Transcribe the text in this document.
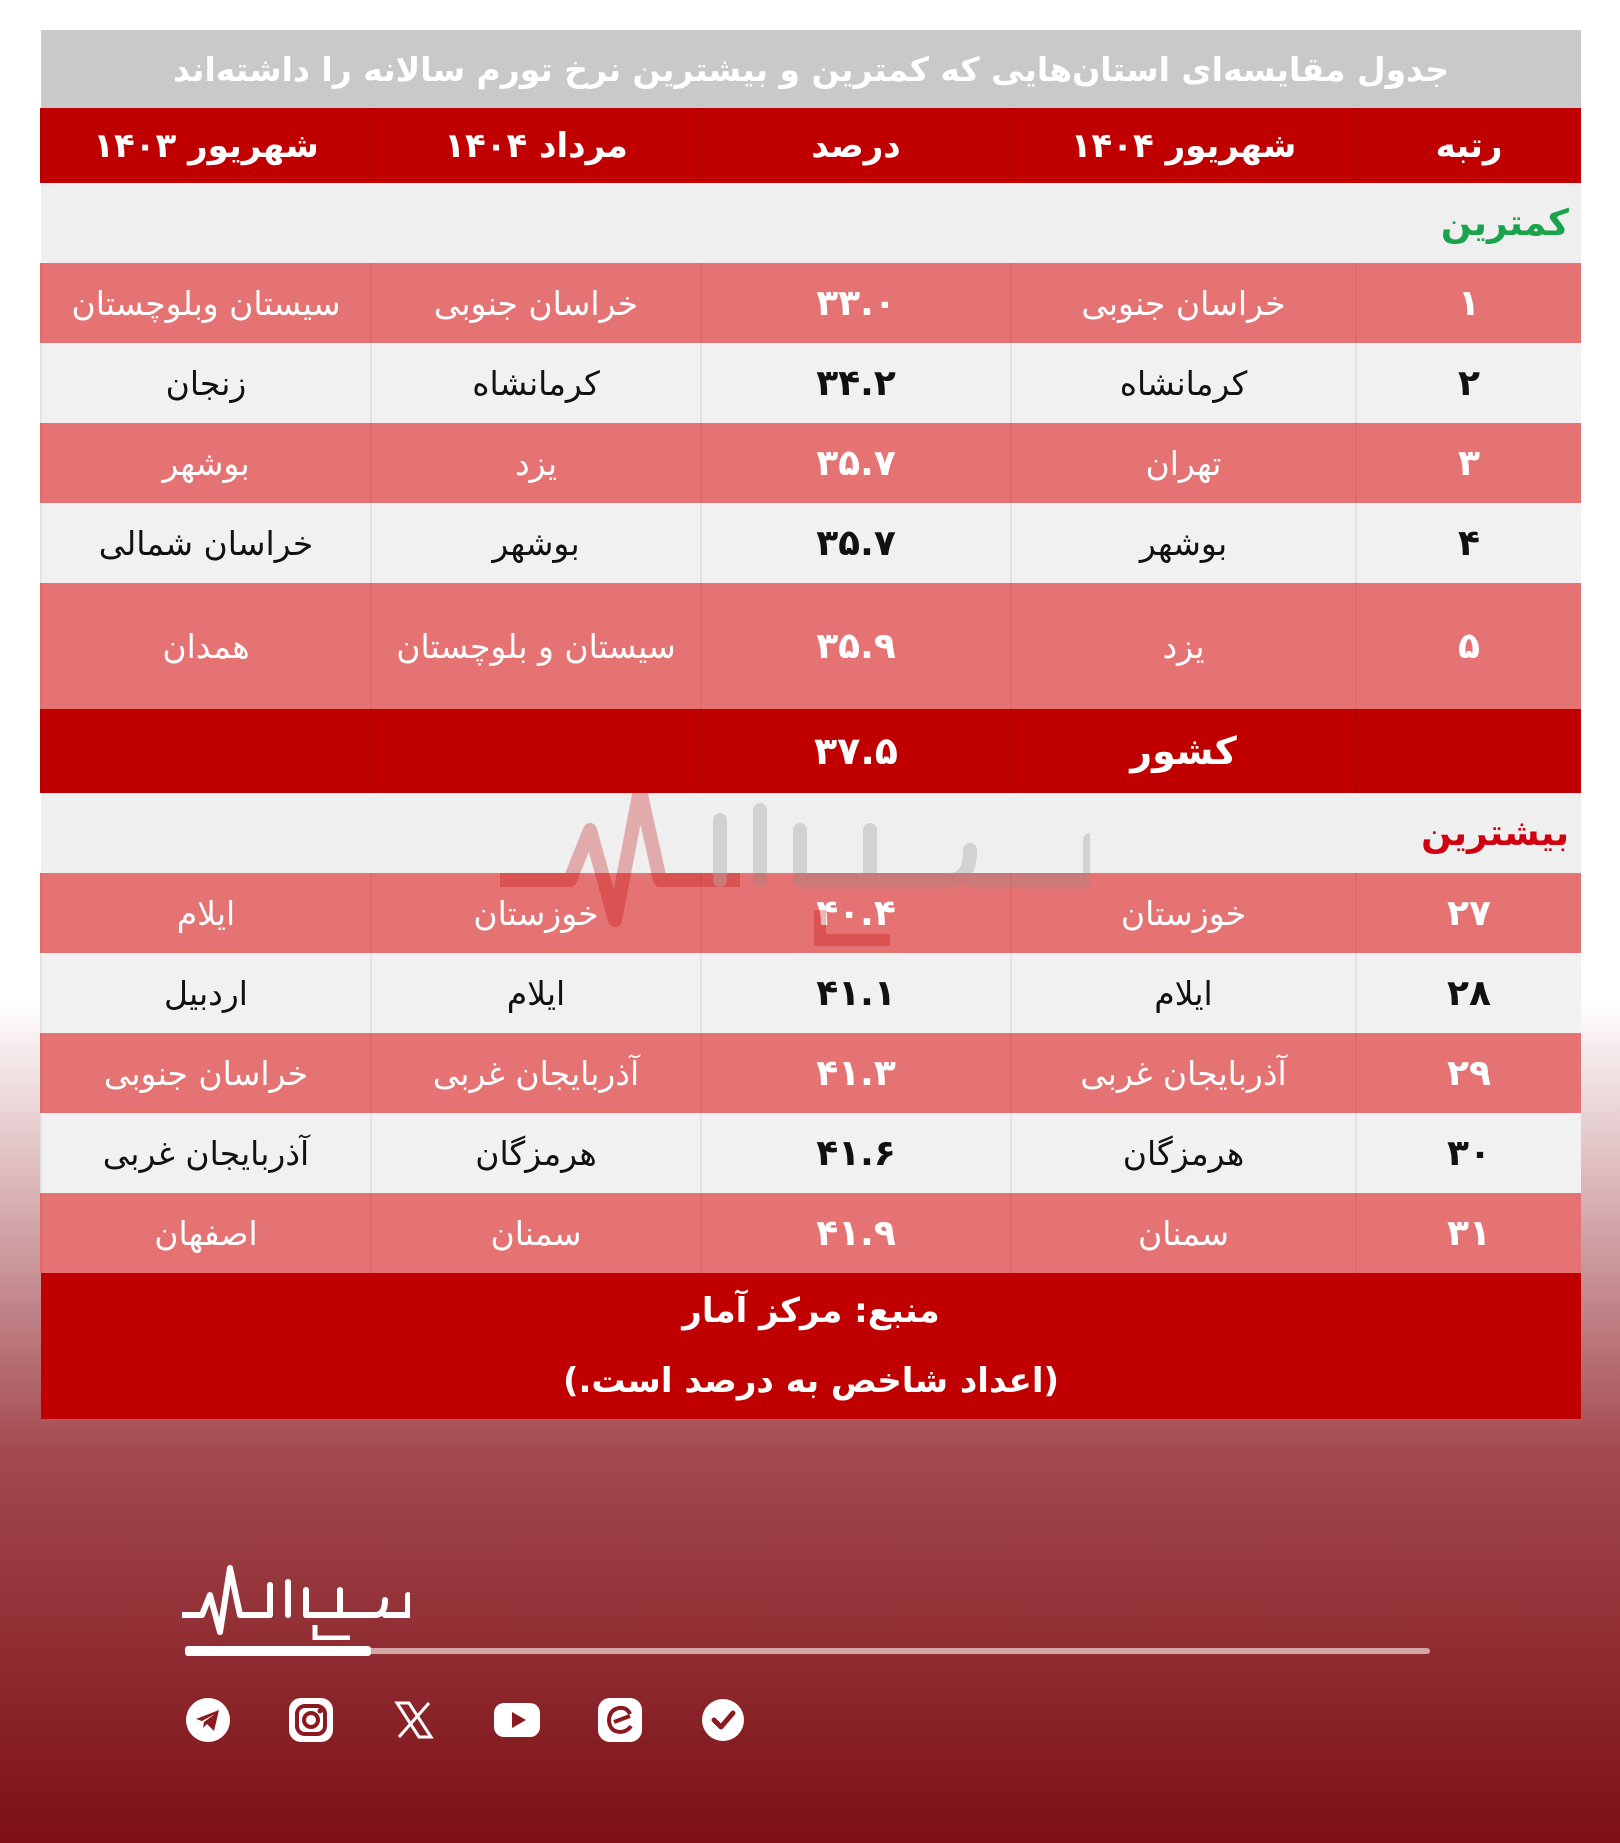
جدول مقایسه‌ای استان‌هایی که کمترین و بیشترین نرخ تورم سالانه را داشته‌اند				
رتبه	شهریور ۱۴۰۴	درصد	مرداد ۱۴۰۴	شهریور ۱۴۰۳
کمترین				
۱	خراسان جنوبی	۳۳.۰	خراسان جنوبی	سیستان وبلوچستان
۲	کرمانشاه	۳۴.۲	کرمانشاه	زنجان
۳	تهران	۳۵.۷	یزد	بوشهر
۴	بوشهر	۳۵.۷	بوشهر	خراسان شمالی
۵	یزد	۳۵.۹	سیستان و بلوچستان	همدان
	کشور	۳۷.۵		
بیشترین				
۲۷	خوزستان	۴۰.۴	خوزستان	ایلام
۲۸	ایلام	۴۱.۱	ایلام	اردبیل
۲۹	آذربایجان غربی	۴۱.۳	آذربایجان غربی	خراسان جنوبی
۳۰	هرمزگان	۴۱.۶	هرمزگان	آذربایجان غربی
۳۱	سمنان	۴۱.۹	سمنان	اصفهان

منبع: مرکز آمار
(اعداد شاخص به درصد است.)				
